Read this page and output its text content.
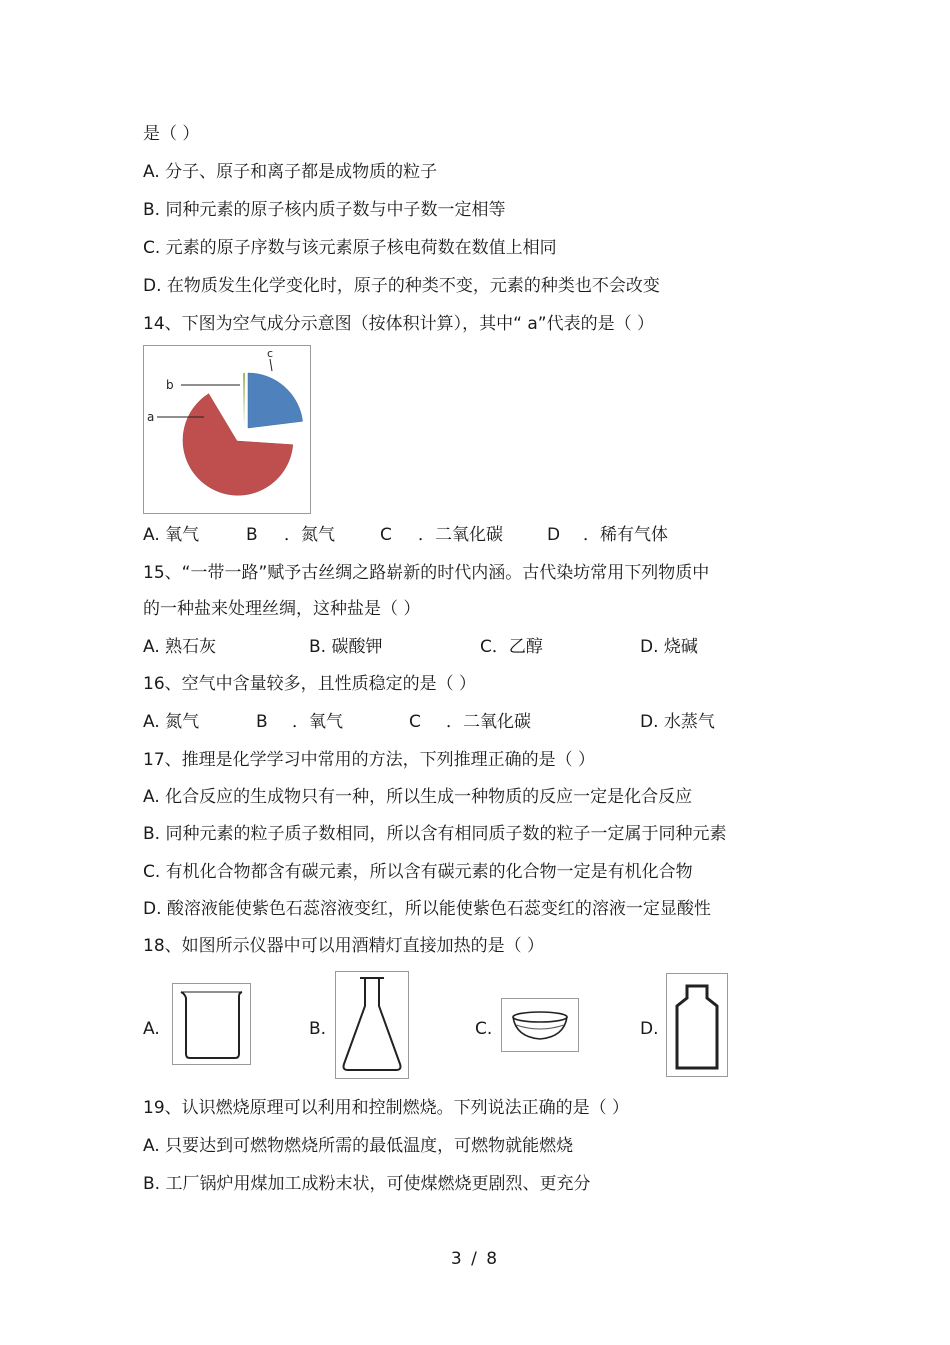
是（ ）
A. 分子、原子和离子都是成物质的粒子
B. 同种元素的原子核内质子数与中子数一定相等
C. 元素的原子序数与该元素原子核电荷数在数值上相同
D. 在物质发生化学变化时，原子的种类不变，元素的种类也不会改变
14、下图为空气成分示意图（按体积计算），其中“ a”代表的是（ ）
b
a
c
A. 氧气	B ．氮气	C ．二氧化碳	D ．稀有气体
15、“一带一路”赋予古丝绸之路崭新的时代内涵。古代染坊常用下列物质中
的一种盐来处理丝绸，这种盐是（ ）
A. 熟石灰	B. 碳酸钾	C．乙醇	D. 烧碱
16、空气中含量较多，且性质稳定的是（ ）
A. 氮气	B ．氧气	C ．二氧化碳	D. 水蒸气
17、推理是化学学习中常用的方法，下列推理正确的是（ ）
A. 化合反应的生成物只有一种，所以生成一种物质的反应一定是化合反应
B. 同种元素的粒子质子数相同，所以含有相同质子数的粒子一定属于同种元素
C. 有机化合物都含有碳元素，所以含有碳元素的化合物一定是有机化合物
D. 酸溶液能使紫色石蕊溶液变红，所以能使紫色石蕊变红的溶液一定显酸性
18、如图所示仪器中可以用酒精灯直接加热的是（ ）
A.	B.	C.	D.
19、认识燃烧原理可以利用和控制燃烧。下列说法正确的是（ ）
A. 只要达到可燃物燃烧所需的最低温度，可燃物就能燃烧
B. 工厂锅炉用煤加工成粉末状，可使煤燃烧更剧烈、更充分
3 / 8
